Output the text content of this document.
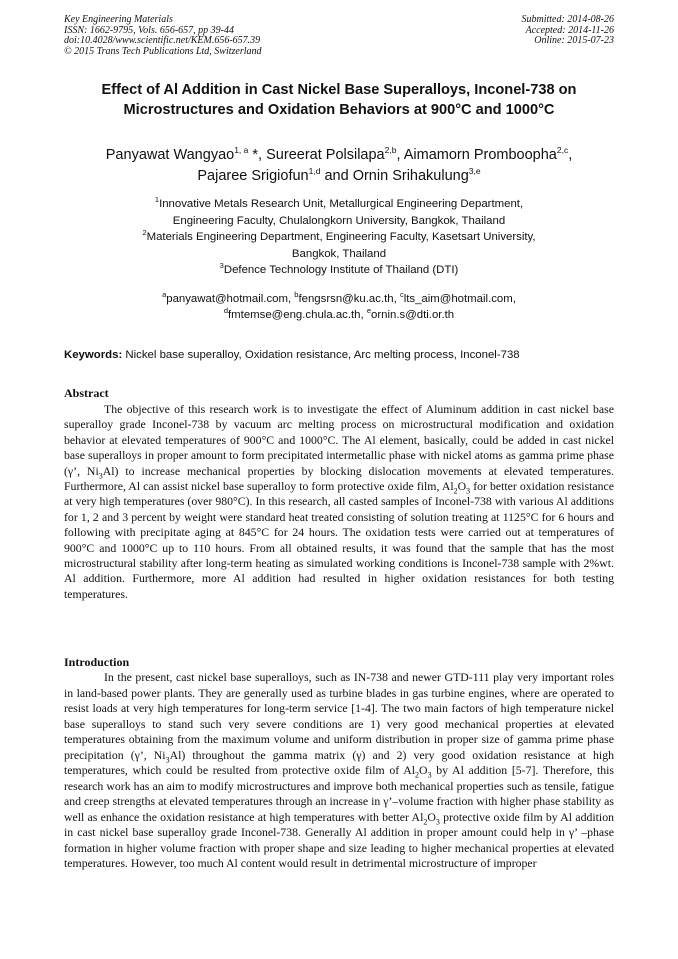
Key Engineering Materials
ISSN: 1662-9795, Vols. 656-657, pp 39-44
doi:10.4028/www.scientific.net/KEM.656-657.39
© 2015 Trans Tech Publications Ltd, Switzerland
Submitted: 2014-08-26
Accepted: 2014-11-26
Online: 2015-07-23
Effect of Al Addition in Cast Nickel Base Superalloys, Inconel-738 on
Microstructures and Oxidation Behaviors at 900°C and 1000°C
Panyawat Wangyao$^{1, a}$ *, Sureerat Polsilapa$^{2,b}$, Aimamorn Promboopha$^{2,c}$,
Pajaree Srigiofun$^{1,d}$ and Ornin Srihakulung$^{3,e}$
$^1$Innovative Metals Research Unit, Metallurgical Engineering Department,
Engineering Faculty, Chulalongkorn University, Bangkok, Thailand
$^2$Materials Engineering Department, Engineering Faculty, Kasetsart University,
Bangkok, Thailand
$^3$Defence Technology Institute of Thailand (DTI)
$^a$panyawat@hotmail.com, $^b$fengsrsn@ku.ac.th, $^c$lts_aim@hotmail.com,
$^d$fmtemse@eng.chula.ac.th, $^e$ornin.s@dti.or.th
Keywords: Nickel base superalloy, Oxidation resistance, Arc melting process, Inconel-738
Abstract

The objective of this research work is to investigate the effect of Aluminum addition in cast nickel base superalloy grade Inconel-738 by vacuum arc melting process on microstructural modification and oxidation behavior at elevated temperatures of 900°C and 1000°C. The Al element, basically, could be added in cast nickel base superalloys in proper amount to form precipitated intermetallic phase with nickel atoms as gamma prime phase (γ’, $Ni_3Al$) to increase mechanical properties by blocking dislocation movements at elevated temperatures. Furthermore, Al can assist nickel base superalloy to form protective oxide film, $Al_2O_3$ for better oxidation resistance at very high temperatures (over 980°C). In this research, all casted samples of Inconel-738 with various Al additions for 1, 2 and 3 percent by weight were standard heat treated consisting of solution treating at 1125°C for 6 hours and following with precipitate aging at 845°C for 24 hours. The oxidation tests were carried out at temperatures of 900°C and 1000°C up to 110 hours. From all obtained results, it was found that the sample that has the most microstructural stability after long-term heating as simulated working conditions is Inconel-738 sample with 2%wt. Al addition. Furthermore, more Al addition had resulted in higher oxidation resistances for both testing temperatures.

Introduction

In the present, cast nickel base superalloys, such as IN-738 and newer GTD-111 play very important roles in land-based power plants. They are generally used as turbine blades in gas turbine engines, where are operated to resist loads at very high temperatures for long-term service [1-4]. The two main factors of high temperature nickel base superalloys to stand such very severe conditions are 1) very good mechanical properties at elevated temperatures obtaining from the maximum volume and uniform distribution in proper size of gamma prime phase precipitation (γ’, $Ni_3Al$) throughout the gamma matrix (γ) and 2) very good oxidation resistance at high temperatures, which could be resulted from protective oxide film of $Al_2O_3$ by Al addition [5-7]. Therefore, this research work has an aim to modify microstructures and improve both mechanical properties such as tensile, fatigue and creep strengths at elevated temperatures through an increase in γ’–volume fraction with higher phase stability as well as enhance the oxidation resistance at high temperatures with better $Al_2O_3$ protective oxide film by Al addition in cast nickel base superalloy grade Inconel-738. Generally Al addition in proper amount could help in γ’ –phase formation in higher volume fraction with proper shape and size leading to higher mechanical properties at elevated temperatures. However, too much Al content would result in detrimental microstructure of improper
